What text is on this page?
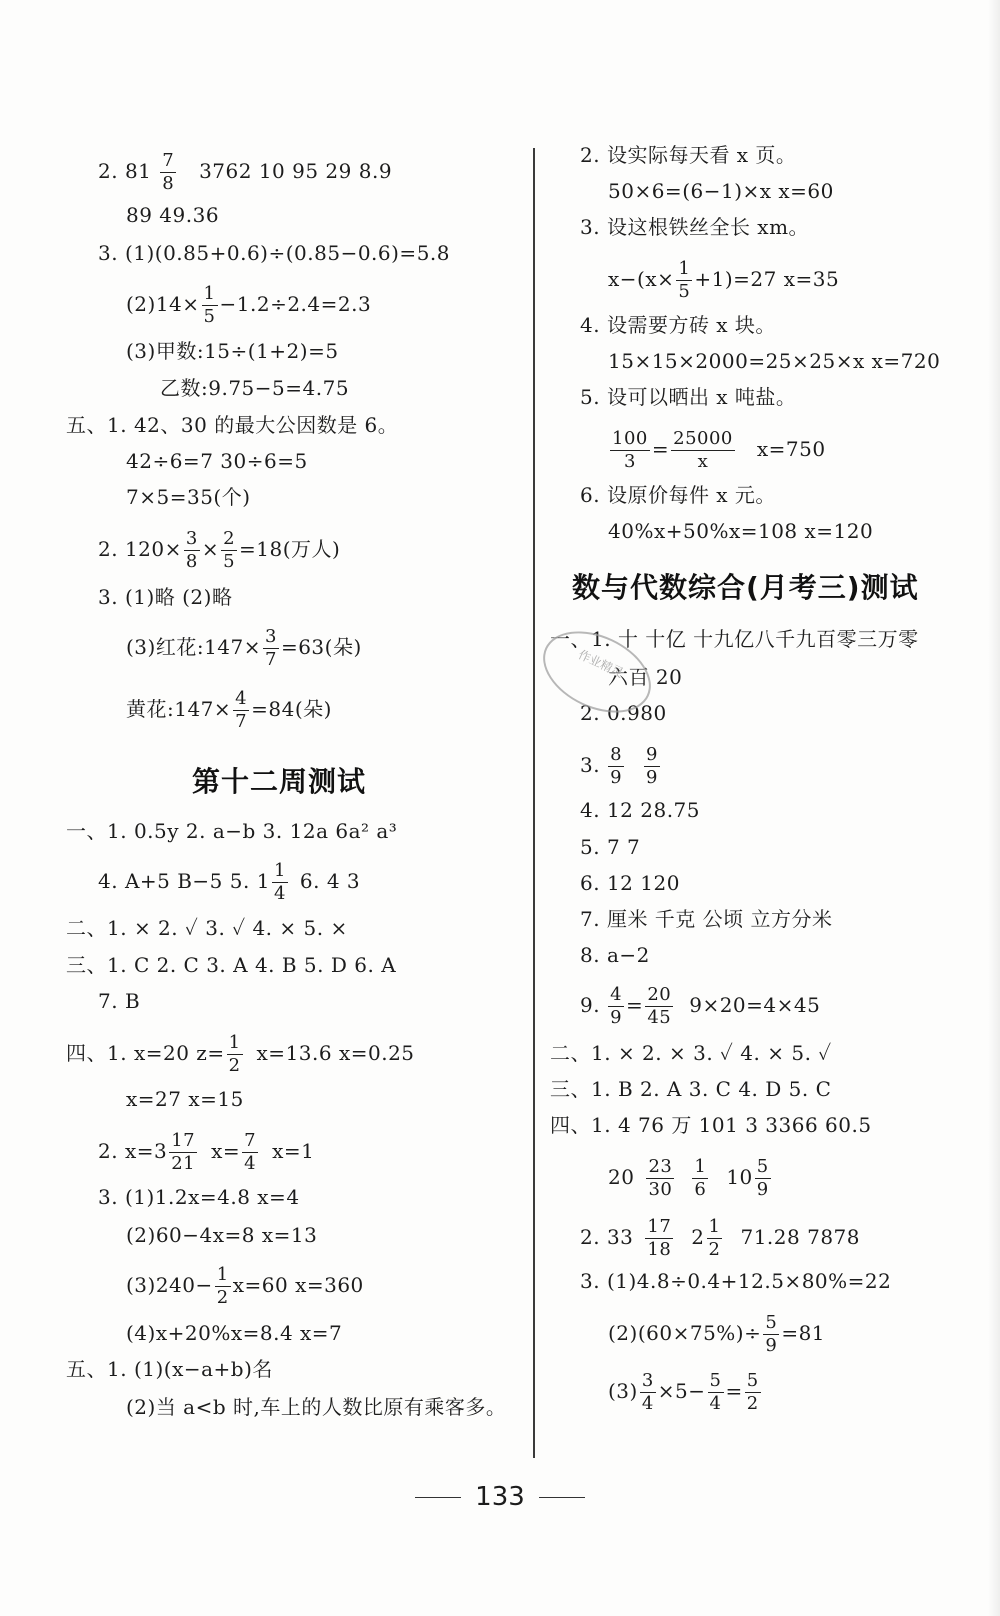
2. $81 \frac{7}{8} 3762$ 10 95 29 8.9
89 49.36
3. (1)(0.85+0.6)÷(0.85−0.6)=5.8
$(2)14\times \frac{1}{5} -1.2\div 2.4=2.3$
(3)甲数:15÷(1+2)=5
乙数:9.75−5=4.75
五、1. 42、30 的最大公因数是 6。
42÷6=7 30÷6=5
7×5=35(个)
2. $120\times \frac{3}{8} \times \frac{2}{5} =18$(万人)
3. (1)略 (2)略
(3)红花:147× $\frac{3}{7} =63$(朵)
黄花:147× $\frac{4}{7} =84$(朵)
第十二周测试
一、1. 0.5y 2. a−b 3. 12a 6a² a³
4. A+5 B−5 5. $1 \frac{1}{4} 6$. 4 3
二、1. × 2. ✓ 3. ✓ 4. × 5. ×
三、1. C 2. C 3. A 4. B 5. D 6. A
7. B
四、1. x=20 $z= \frac{1}{2} x=13.6$ x=0.25
x=27 x=15
2. $x=3 \frac{17}{21} x= \frac{7}{4} x=1$
3. (1)1.2x=4.8 x=4
(2)60−4x=8 x=13
$(3)240- \frac{1}{2} x=60$ x=360
(4)x+20%x=8.4 x=7
五、1. (1)(x−a+b)名
(2)当 a<b 时,车上的人数比原有乘客多。
2. 设实际每天看 x 页。
50×6=(6−1)×x x=60
3. 设这根铁丝全长 xm。
$x-(x\times \frac{1}{5} +1)=27$ x=35
4. 设需要方砖 x 块。
15×15×2000=25×25×x x=720
5. 设可以晒出 x 吨盐。
$\frac{100}{3} = \frac{25000}{x} x=750$
6. 设原价每件 x 元。
40%x+50%x=108 x=120
数与代数综合(月考三)测试
一、1. 十 十亿 十九亿八千九百零三万零
六百 20
2. 0.980
3. $\frac{8}{9} \frac{9}{9}$
4. 12 28.75
5. 7 7
6. 12 120
7. 厘米 千克 公顷 立方分米
8. a−2
9. $\frac{4}{9} = \frac{20}{45} 9\times 20=4\times 45$
二、1. × 2. × 3. ✓ 4. × 5. ✓
三、1. B 2. A 3. C 4. D 5. C
四、1. 4 76 万 101 3 3366 60.5
$20 \frac{23}{30} \frac{1}{6} 10 \frac{5}{9}$
2. $33 \frac{17}{18} 2 \frac{1}{2} 71.28$ 7878
3. (1)4.8÷0.4+12.5×80%=22
$(2)(60\times 75\%)\div \frac{5}{9} =81$
$(3) \frac{3}{4} \times 5- \frac{5}{4} = \frac{5}{2}$
作业精灵
133
